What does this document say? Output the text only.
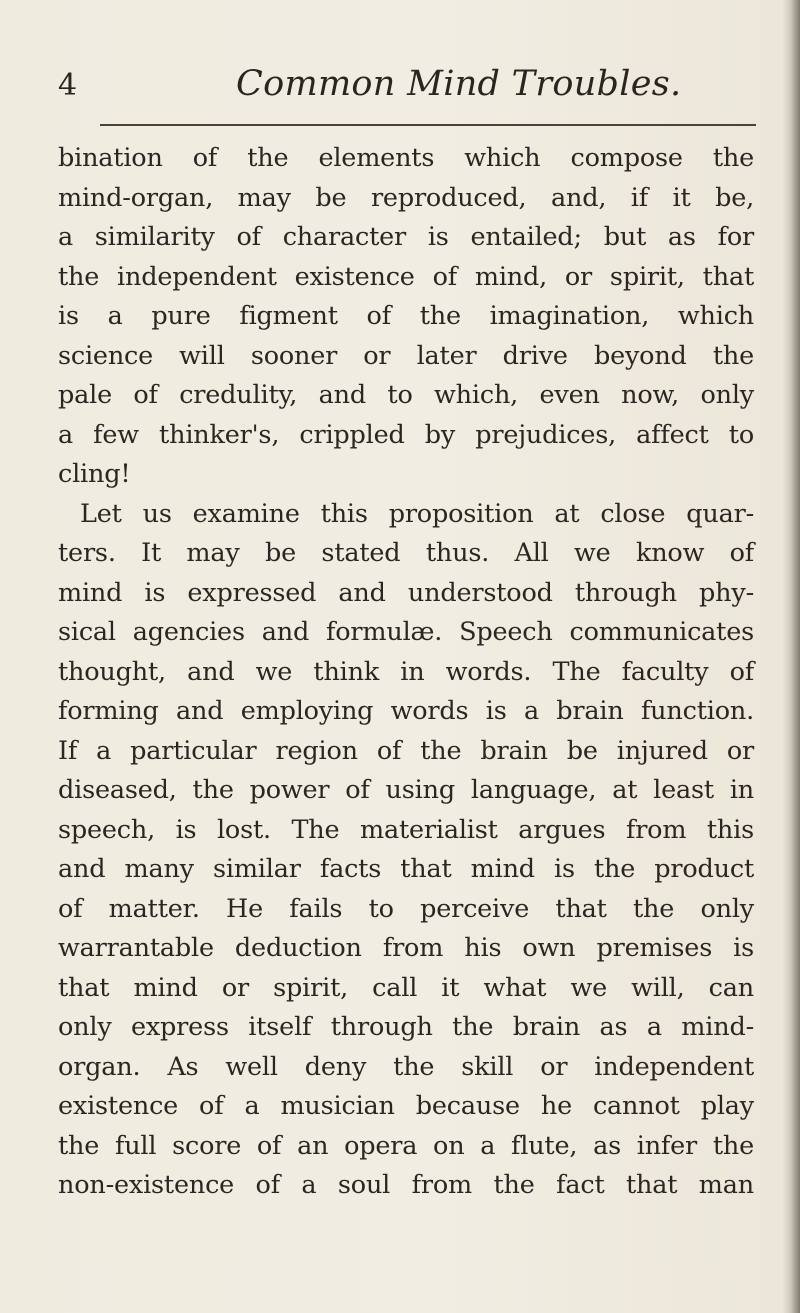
4	Common Mind Troubles.
bination of the elements which compose the
mind-organ, may be reproduced, and, if it be,
a similarity of character is entailed; but as for
the independent existence of mind, or spirit, that
is a pure figment of the imagination, which
science will sooner or later drive beyond the
pale of credulity, and to which, even now, only
a few thinker's, crippled by prejudices, affect to
cling!
Let us examine this proposition at close quar-
ters. It may be stated thus. All we know of
mind is expressed and understood through phy-
sical agencies and formulæ. Speech communicates
thought, and we think in words. The faculty of
forming and employing words is a brain function.
If a particular region of the brain be injured or
diseased, the power of using language, at least in
speech, is lost. The materialist argues from this
and many similar facts that mind is the product
of matter. He fails to perceive that the only
warrantable deduction from his own premises is
that mind or spirit, call it what we will, can
only express itself through the brain as a mind-
organ. As well deny the skill or independent
existence of a musician because he cannot play
the full score of an opera on a flute, as infer the
non-existence of a soul from the fact that man
